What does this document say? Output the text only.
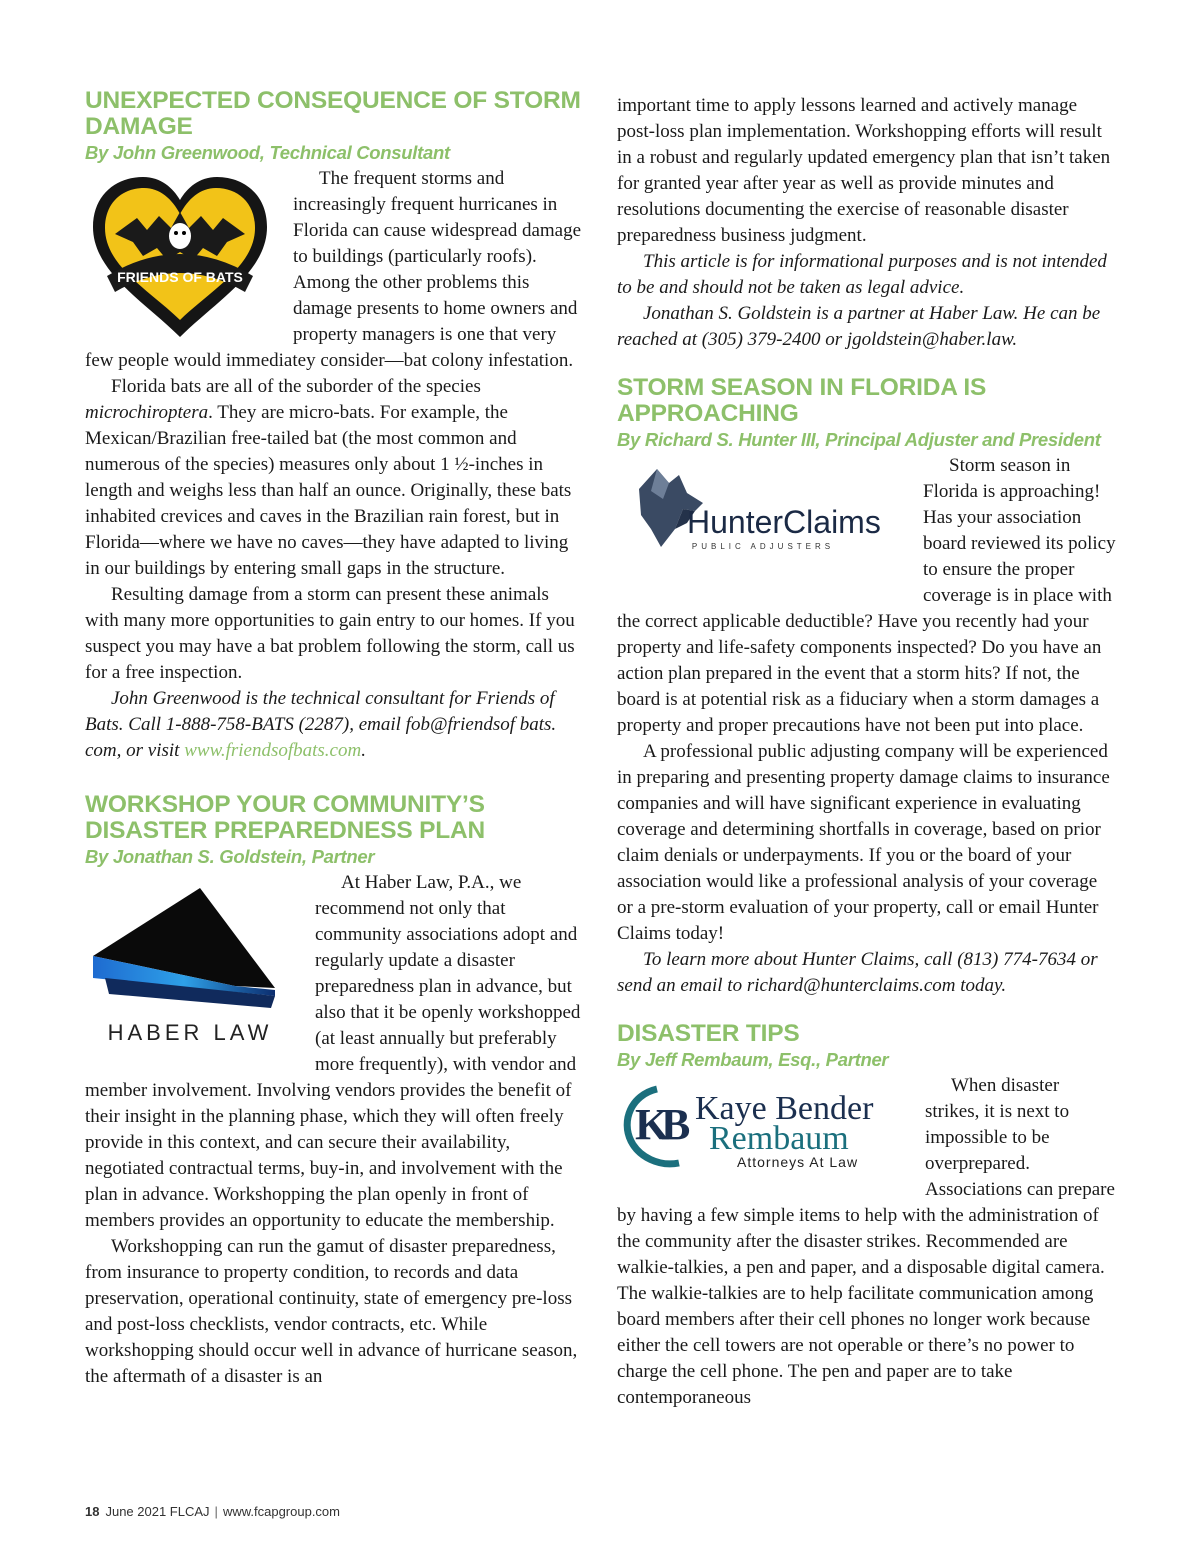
UNEXPECTED CONSEQUENCE OF STORM DAMAGE
By John Greenwood, Technical Consultant
FRIENDS OF BATS

The frequent storms and increasingly frequent hurricanes in Florida can cause widespread damage to buildings (particularly roofs). Among the other problems this damage presents to home owners and property managers is one that very few people would immediatey consider—bat colony infestation.

Florida bats are all of the suborder of the species microchiroptera. They are micro-bats. For example, the Mexican/Brazilian free-tailed bat (the most common and numerous of the species) measures only about 1 ½-inches in length and weighs less than half an ounce. Originally, these bats inhabited crevices and caves in the Brazilian rain forest, but in Florida—where we have no caves—they have adapted to living in our buildings by entering small gaps in the structure.

Resulting damage from a storm can present these animals with many more opportunities to gain entry to our homes. If you suspect you may have a bat problem following the storm, call us for a free inspection.

John Greenwood is the technical consultant for Friends of Bats. Call 1-888-758-BATS (2287), email fob@friendsof bats. com, or visit www.friendsofbats.com.

WORKSHOP YOUR COMMUNITY’S DISASTER PREPAREDNESS PLAN
By Jonathan S. Goldstein, Partner
HABER LAW

At Haber Law, P.A., we recommend not only that community associations adopt and regularly update a disaster preparedness plan in advance, but also that it be openly workshopped (at least annually but preferably more frequently), with vendor and member involvement. Involving vendors provides the benefit of their insight in the planning phase, which they will often freely provide in this context, and can secure their availability, negotiated contractual terms, buy-in, and involvement with the plan in advance. Workshopping the plan openly in front of members provides an opportunity to educate the membership.

Workshopping can run the gamut of disaster preparedness, from insurance to property condition, to records and data preservation, operational continuity, state of emergency pre-loss and post-loss checklists, vendor contracts, etc. While workshopping should occur well in advance of hurricane season, the aftermath of a disaster is an

important time to apply lessons learned and actively manage post-loss plan implementation. Workshopping efforts will result in a robust and regularly updated emergency plan that isn’t taken for granted year after year as well as provide minutes and resolutions documenting the exercise of reasonable disaster preparedness business judgment.

This article is for informational purposes and is not intended to be and should not be taken as legal advice.

Jonathan S. Goldstein is a partner at Haber Law. He can be reached at (305) 379-2400 or jgoldstein@haber.law.

STORM SEASON IN FLORIDA IS APPROACHING
By Richard S. Hunter III, Principal Adjuster and President
HunterClaims
PUBLIC ADJUSTERS

Storm season in Florida is approaching! Has your association board reviewed its policy to ensure the proper coverage is in place with the correct applicable deductible? Have you recently had your property and life-safety components inspected? Do you have an action plan prepared in the event that a storm hits? If not, the board is at potential risk as a fiduciary when a storm damages a property and proper precautions have not been put into place.

A professional public adjusting company will be experienced in preparing and presenting property damage claims to insurance companies and will have significant experience in evaluating coverage and determining shortfalls in coverage, based on prior claim denials or underpayments. If you or the board of your association would like a professional analysis of your coverage or a pre-storm evaluation of your property, call or email Hunter Claims today!

To learn more about Hunter Claims, call (813) 774-7634 or send an email to richard@hunterclaims.com today.

DISASTER TIPS
By Jeff Rembaum, Esq., Partner
K
B Kaye Bender
Rembaum
Attorneys At Law

When disaster strikes, it is next to impossible to be overprepared. Associations can prepare by having a few simple items to help with the administration of the community after the disaster strikes. Recommended are walkie-talkies, a pen and paper, and a disposable digital camera. The walkie-talkies are to help facilitate communication among board members after their cell phones no longer work because either the cell towers are not operable or there’s no power to charge the cell phone. The pen and paper are to take contemporaneous

18 June 2021 FLCAJ | www.fcapgroup.com
